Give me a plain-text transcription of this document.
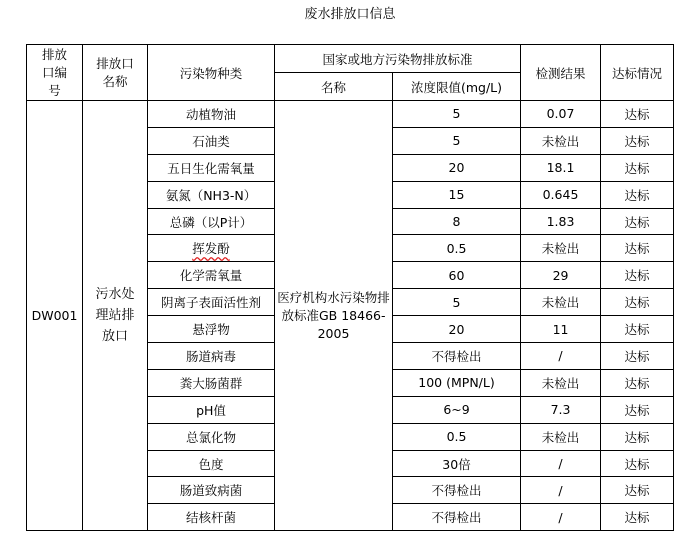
废水排放口信息
排放口编号	排放口名称	污染物种类	国家或地方污染物排放标准		检测结果	达标情况
			名称	浓度限值(mg/L)		
DW001	污水处理站排放口	动植物油	医疗机构水污染物排放标准GB 18466-2005	5	0.07	达标
		石油类		5	未检出	达标
		五日生化需氧量		20	18.1	达标
		氨氮（NH3-N）		15	0.645	达标
		总磷（以P计）		8	1.83	达标
		挥发酚		0.5	未检出	达标
		化学需氧量		60	29	达标
		阴离子表面活性剂		5	未检出	达标
		悬浮物		20	11	达标
		肠道病毒		不得检出	/	达标
		粪大肠菌群		100 (MPN/L)	未检出	达标
		pH值		6~9	7.3	达标
		总氯化物		0.5	未检出	达标
		色度		30倍	/	达标
		肠道致病菌		不得检出	/	达标
		结核杆菌		不得检出	/	达标
